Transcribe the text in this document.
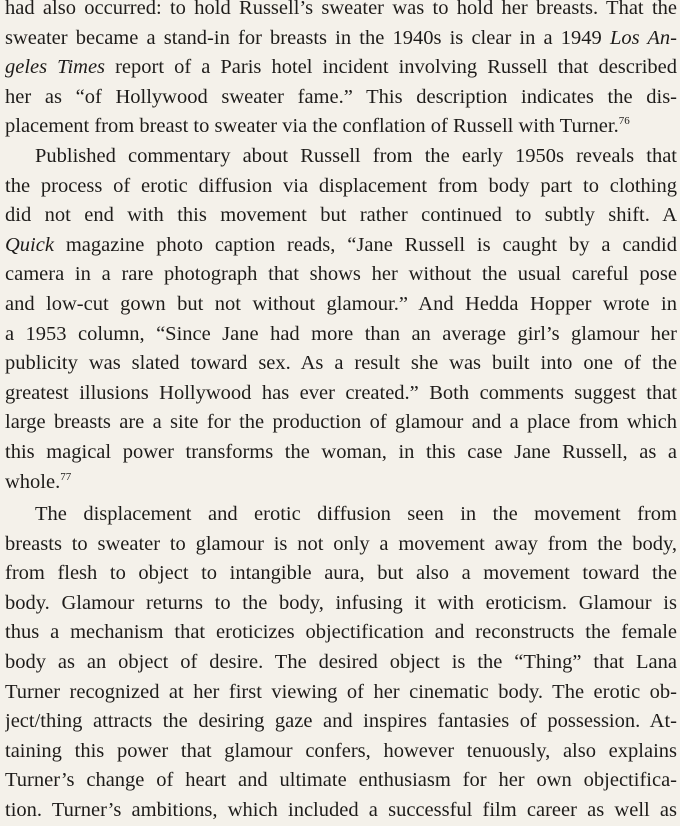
had also occurred: to hold Russell’s sweater was to hold her breasts. That the
sweater became a stand-in for breasts in the 1940s is clear in a 1949 Los An-
geles Times report of a Paris hotel incident involving Russell that described
her as “of Hollywood sweater fame.” This description indicates the dis-
placement from breast to sweater via the conflation of Russell with Turner.$^{76}$
Published commentary about Russell from the early 1950s reveals that
the process of erotic diffusion via displacement from body part to clothing
did not end with this movement but rather continued to subtly shift. A
Quick magazine photo caption reads, “Jane Russell is caught by a candid
camera in a rare photograph that shows her without the usual careful pose
and low-cut gown but not without glamour.” And Hedda Hopper wrote in
a 1953 column, “Since Jane had more than an average girl’s glamour her
publicity was slated toward sex. As a result she was built into one of the
greatest illusions Hollywood has ever created.” Both comments suggest that
large breasts are a site for the production of glamour and a place from which
this magical power transforms the woman, in this case Jane Russell, as a
whole.$^{77}$
The displacement and erotic diffusion seen in the movement from
breasts to sweater to glamour is not only a movement away from the body,
from flesh to object to intangible aura, but also a movement toward the
body. Glamour returns to the body, infusing it with eroticism. Glamour is
thus a mechanism that eroticizes objectification and reconstructs the female
body as an object of desire. The desired object is the “Thing” that Lana
Turner recognized at her first viewing of her cinematic body. The erotic ob-
ject/thing attracts the desiring gaze and inspires fantasies of possession. At-
taining this power that glamour confers, however tenuously, also explains
Turner’s change of heart and ultimate enthusiasm for her own objectifica-
tion. Turner’s ambitions, which included a successful film career as well as
